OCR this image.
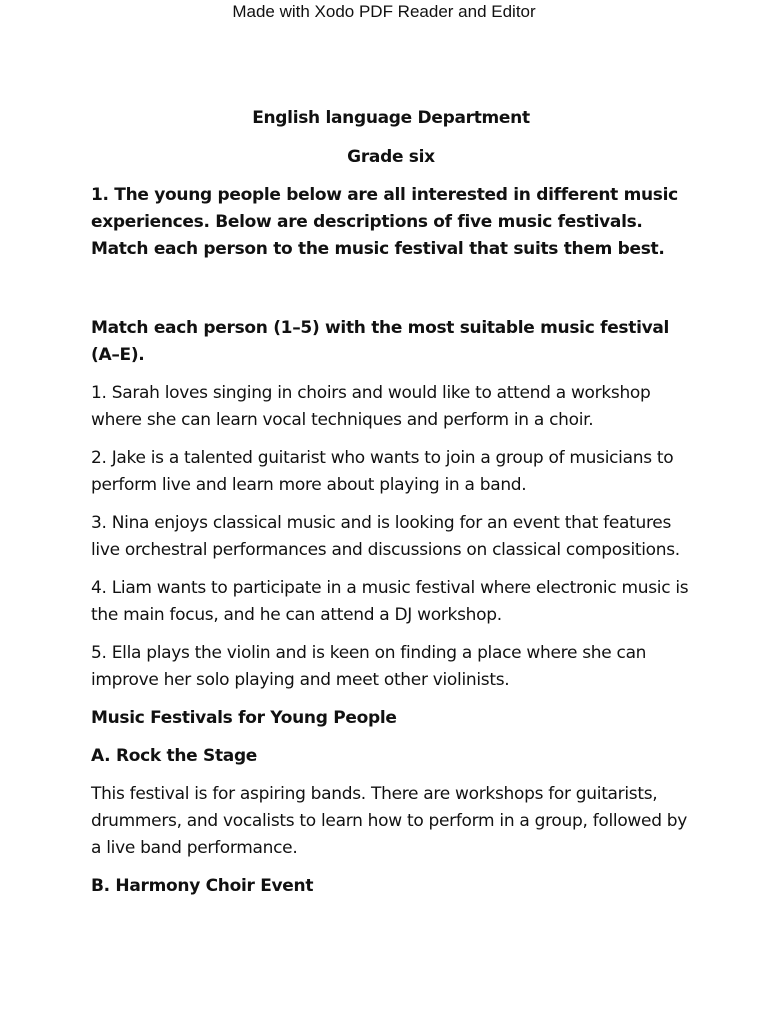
Made with Xodo PDF Reader and Editor

English language Department

Grade six

1. The young people below are all interested in different music experiences. Below are descriptions of five music festivals. Match each person to the music festival that suits them best.

Match each person (1–5) with the most suitable music festival (A–E).

1. Sarah loves singing in choirs and would like to attend a workshop where she can learn vocal techniques and perform in a choir.

2. Jake is a talented guitarist who wants to join a group of musicians to perform live and learn more about playing in a band.

3. Nina enjoys classical music and is looking for an event that features live orchestral performances and discussions on classical compositions.

4. Liam wants to participate in a music festival where electronic music is the main focus, and he can attend a DJ workshop.

5. Ella plays the violin and is keen on finding a place where she can improve her solo playing and meet other violinists.

Music Festivals for Young People

A. Rock the Stage

This festival is for aspiring bands. There are workshops for guitarists, drummers, and vocalists to learn how to perform in a group, followed by a live band performance.

B. Harmony Choir Event
